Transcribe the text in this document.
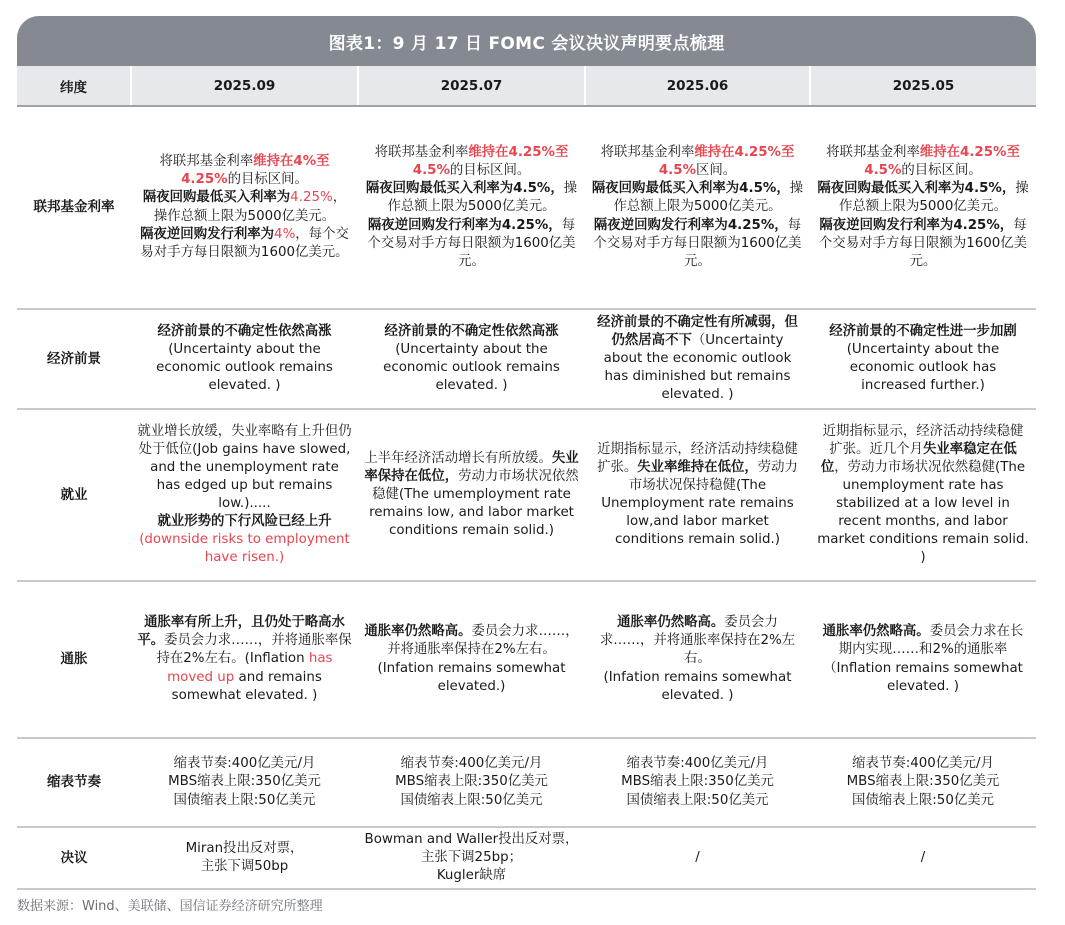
图表1：9 月 17 日 FOMC 会议决议声明要点梳理
纬度	2025.09	2025.07	2025.06	2025.05
联邦基金利率	将联邦基金利率维持在4%至4.25%的目标区间。
隔夜回购最低买入利率为4.25%，操作总额上限为5000亿美元。
隔夜逆回购发行利率为4%，每个交易对手方每日限额为1600亿美元。	将联邦基金利率维持在4.25%至4.5%的目标区间。
隔夜回购最低买入利率为4.5%，操作总额上限为5000亿美元。
隔夜逆回购发行利率为4.25%，每个交易对手方每日限额为1600亿美元。	将联邦基金利率维持在4.25%至4.5%区间。
隔夜回购最低买入利率为4.5%，操作总额上限为5000亿美元。
隔夜逆回购发行利率为4.25%，每个交易对手方每日限额为1600亿美元。	将联邦基金利率维持在4.25%至4.5%的目标区间。
隔夜回购最低买入利率为4.5%，操作总额上限为5000亿美元。
隔夜逆回购发行利率为4.25%，每个交易对手方每日限额为1600亿美元。
经济前景	经济前景的不确定性依然高涨
(Uncertainty about the economic outlook remains elevated. )	经济前景的不确定性依然高涨
(Uncertainty about the economic outlook remains elevated. )	经济前景的不确定性有所减弱，但仍然居高不下（Uncertainty about the economic outlook has diminished but remains elevated. )	经济前景的不确定性进一步加剧(Uncertainty about the economic outlook has increased further.)
就业	就业增长放缓，失业率略有上升但仍处于低位(Job gains have slowed, and the unemployment rate has edged up but remains low.).....
就业形势的下行风险已经上升
(downside risks to employment have risen.)	上半年经济活动增长有所放缓。失业率保持在低位，劳动力市场状况依然稳健(The umemployment rate remains low, and labor market conditions remain solid.)	近期指标显示，经济活动持续稳健扩张。失业率维持在低位，劳动力市场状况保持稳健(The Unemployment rate remains low,and labor market conditions remain solid.)	近期指标显示，经济活动持续稳健扩张。近几个月失业率稳定在低位，劳动力市场状况依然稳健(The unemployment rate has stabilized at a low level in recent months, and labor market conditions remain solid. )
通胀	通胀率有所上升，且仍处于略高水平。委员会力求……，并将通胀率保持在2%左右。(Inflation has moved up and remains somewhat elevated. )	通胀率仍然略高。委员会力求……，并将通胀率保持在2%左右。(Infation remains somewhat elevated.)	通胀率仍然略高。委员会力求……，并将通胀率保持在2%左右。
(Infation remains somewhat elevated. )	通胀率仍然略高。委员会力求在长期内实现……和2%的通胀率（Inflation remains somewhat elevated. )
缩表节奏	缩表节奏:400亿美元/月
MBS缩表上限:350亿美元
国债缩表上限:50亿美元	缩表节奏:400亿美元/月
MBS缩表上限:350亿美元
国债缩表上限:50亿美元	缩表节奏:400亿美元/月
MBS缩表上限:350亿美元
国债缩表上限:50亿美元	缩表节奏:400亿美元/月
MBS缩表上限:350亿美元
国债缩表上限:50亿美元
决议	Miran投出反对票，
主张下调50bp	Bowman and Waller投出反对票，主张下调25bp；
Kugler缺席	/	/
数据来源：Wind、美联储、国信证券经济研究所整理
